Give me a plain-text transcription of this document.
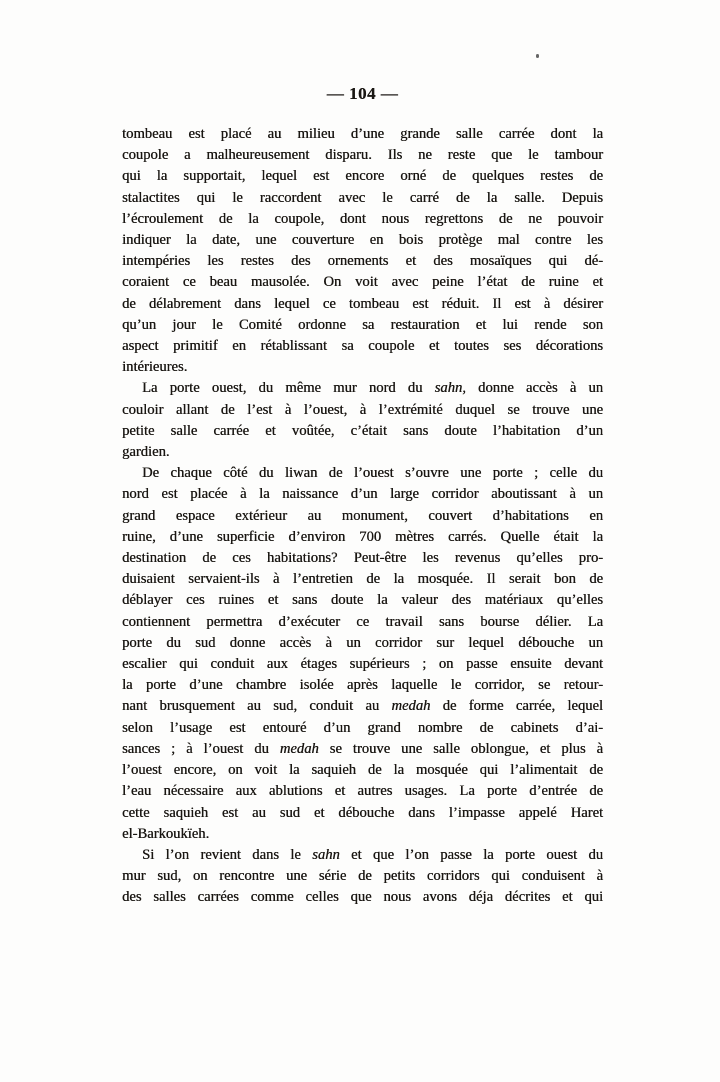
— 104 —
tombeau est placé au milieu d’une grande salle carrée dont la
coupole a malheureusement disparu. Ils ne reste que le tambour
qui la supportait, lequel est encore orné de quelques restes de
stalactites qui le raccordent avec le carré de la salle. Depuis
l’écroulement de la coupole, dont nous regrettons de ne pouvoir
indiquer la date, une couverture en bois protège mal contre les
intempéries les restes des ornements et des mosaïques qui dé-
coraient ce beau mausolée. On voit avec peine l’état de ruine et
de délabrement dans lequel ce tombeau est réduit. Il est à désirer
qu’un jour le Comité ordonne sa restauration et lui rende son
aspect primitif en rétablissant sa coupole et toutes ses décorations
intérieures.
La porte ouest, du même mur nord du sahn, donne accès à un
couloir allant de l’est à l’ouest, à l’extrémité duquel se trouve une
petite salle carrée et voûtée, c’était sans doute l’habitation d’un
gardien.
De chaque côté du liwan de l’ouest s’ouvre une porte ; celle du
nord est placée à la naissance d’un large corridor aboutissant à un
grand espace extérieur au monument, couvert d’habitations en
ruine, d’une superficie d’environ 700 mètres carrés. Quelle était la
destination de ces habitations? Peut-être les revenus qu’elles pro-
duisaient servaient-ils à l’entretien de la mosquée. Il serait bon de
déblayer ces ruines et sans doute la valeur des matériaux qu’elles
contiennent permettra d’exécuter ce travail sans bourse délier. La
porte du sud donne accès à un corridor sur lequel débouche un
escalier qui conduit aux étages supérieurs ; on passe ensuite devant
la porte d’une chambre isolée après laquelle le corridor, se retour-
nant brusquement au sud, conduit au medah de forme carrée, lequel
selon l’usage est entouré d’un grand nombre de cabinets d’ai-
sances ; à l’ouest du medah se trouve une salle oblongue, et plus à
l’ouest encore, on voit la saquieh de la mosquée qui l’alimentait de
l’eau nécessaire aux ablutions et autres usages. La porte d’entrée de
cette saquieh est au sud et débouche dans l’impasse appelé Haret
el-Barkoukïeh.
Si l’on revient dans le sahn et que l’on passe la porte ouest du
mur sud, on rencontre une série de petits corridors qui conduisent à
des salles carrées comme celles que nous avons déja décrites et qui
